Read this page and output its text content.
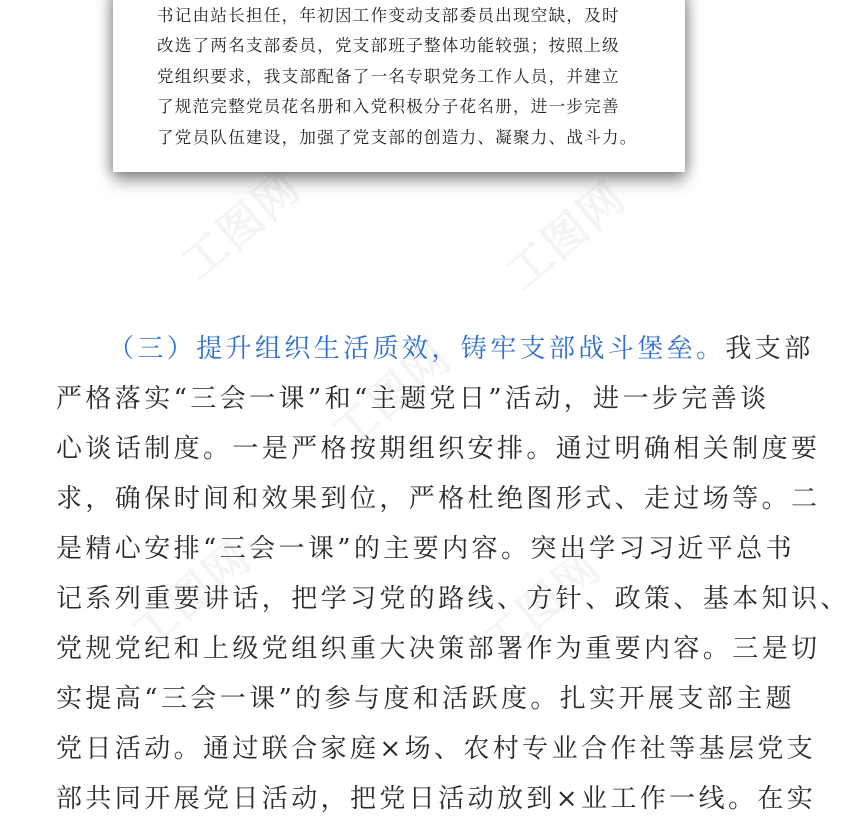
工图网	工图网
工图网
工图网	工图网
书记由站长担任，年初因工作变动支部委员出现空缺，及时
改选了两名支部委员，党支部班子整体功能较强；按照上级
党组织要求，我支部配备了一名专职党务工作人员，并建立
了规范完整党员花名册和入党积极分子花名册，进一步完善
了党员队伍建设，加强了党支部的创造力、凝聚力、战斗力。
（三）提升组织生活质效，铸牢支部战斗堡垒。我支部
严格落实“三会一课”和“主题党日”活动，进一步完善谈
心谈话制度。一是严格按期组织安排。通过明确相关制度要
求，确保时间和效果到位，严格杜绝图形式、走过场等。二
是精心安排“三会一课”的主要内容。突出学习习近平总书
记系列重要讲话，把学习党的路线、方针、政策、基本知识、
党规党纪和上级党组织重大决策部署作为重要内容。三是切
实提高“三会一课”的参与度和活跃度。扎实开展支部主题
党日活动。通过联合家庭×场、农村专业合作社等基层党支
部共同开展党日活动，把党日活动放到×业工作一线。在实
